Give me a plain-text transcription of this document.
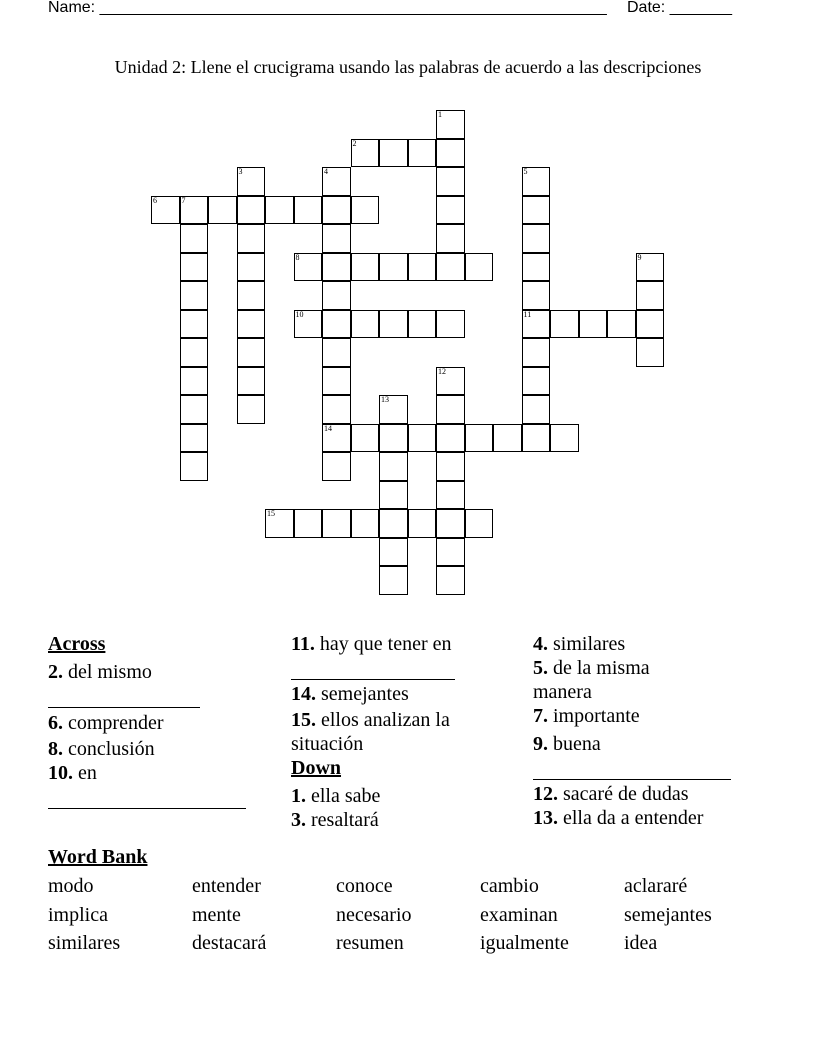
Name: _________________________________________________________ Date: _______
Unidad 2: Llene el crucigrama usando las palabras de acuerdo a las descripciones
1
2
3	4
14
5
11
6	7
8	9
10
12
13
15
Across
2. del mismo
6. comprender
8. conclusión
10. en
11. hay que tener en
14. semejantes
15. ellos analizan la situación
Down
1. ella sabe
3. resaltará
4. similares
5. de la misma manera
7. importante
9. buena
12. sacaré de dudas
13. ella da a entender
Word Bank
modo	entender	conoce	cambio	aclararé
implica	mente	necesario	examinan	semejantes
similares	destacará	resumen	igualmente	idea
